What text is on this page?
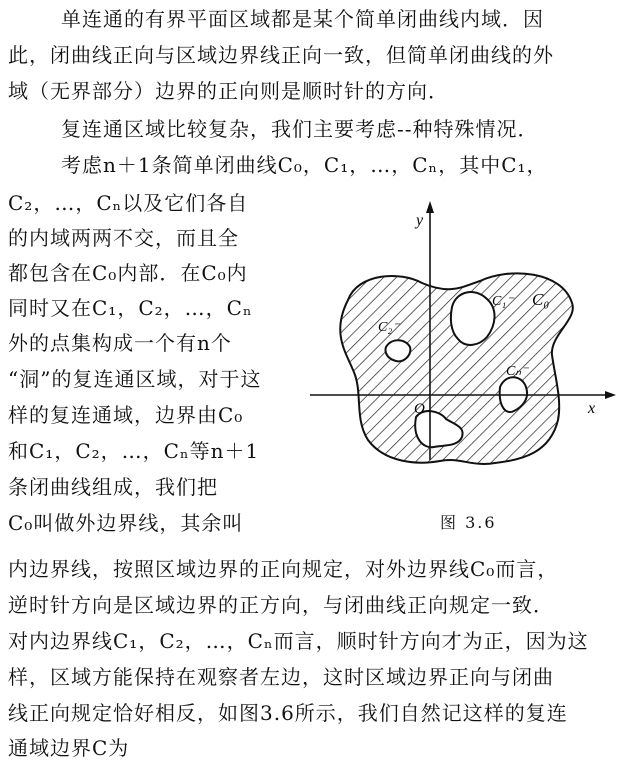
　单连通的有界平面区域都是某个简单闭曲线内域．因
此，闭曲线正向与区域边界线正向一致，但简单闭曲线的外
域（无界部分）边界的正向则是顺时针的方向．
　复连通区域比较复杂，我们主要考虑--种特殊情况．
　考虑n＋1条简单闭曲线C₀，C₁，…，Cₙ，其中C₁，
C₂，…，Cₙ以及它们各自
的内域两两不交，而且全
都包含在C₀内部．在C₀内
同时又在C₁，C₂，…，Cₙ
外的点集构成一个有n个
“洞”的复连通区域，对于这
样的复连通域，边界由C₀
和C₁，C₂，…，Cₙ等n＋1
条闭曲线组成，我们把
C₀叫做外边界线，其余叫
内边界线，按照区域边界的正向规定，对外边界线C₀而言，
逆时针方向是区域边界的正方向，与闭曲线正向规定一致．
对内边界线C₁，C₂，…，Cₙ而言，顺时针方向才为正，因为这
样，区域方能保持在观察者左边，这时区域边界正向与闭曲
线正向规定恰好相反，如图3.6所示，我们自然记这样的复连
通域边界C为
y
x
O
C₀
C₁⁻
C₂⁻
Cₙ⁻
图 3.6
